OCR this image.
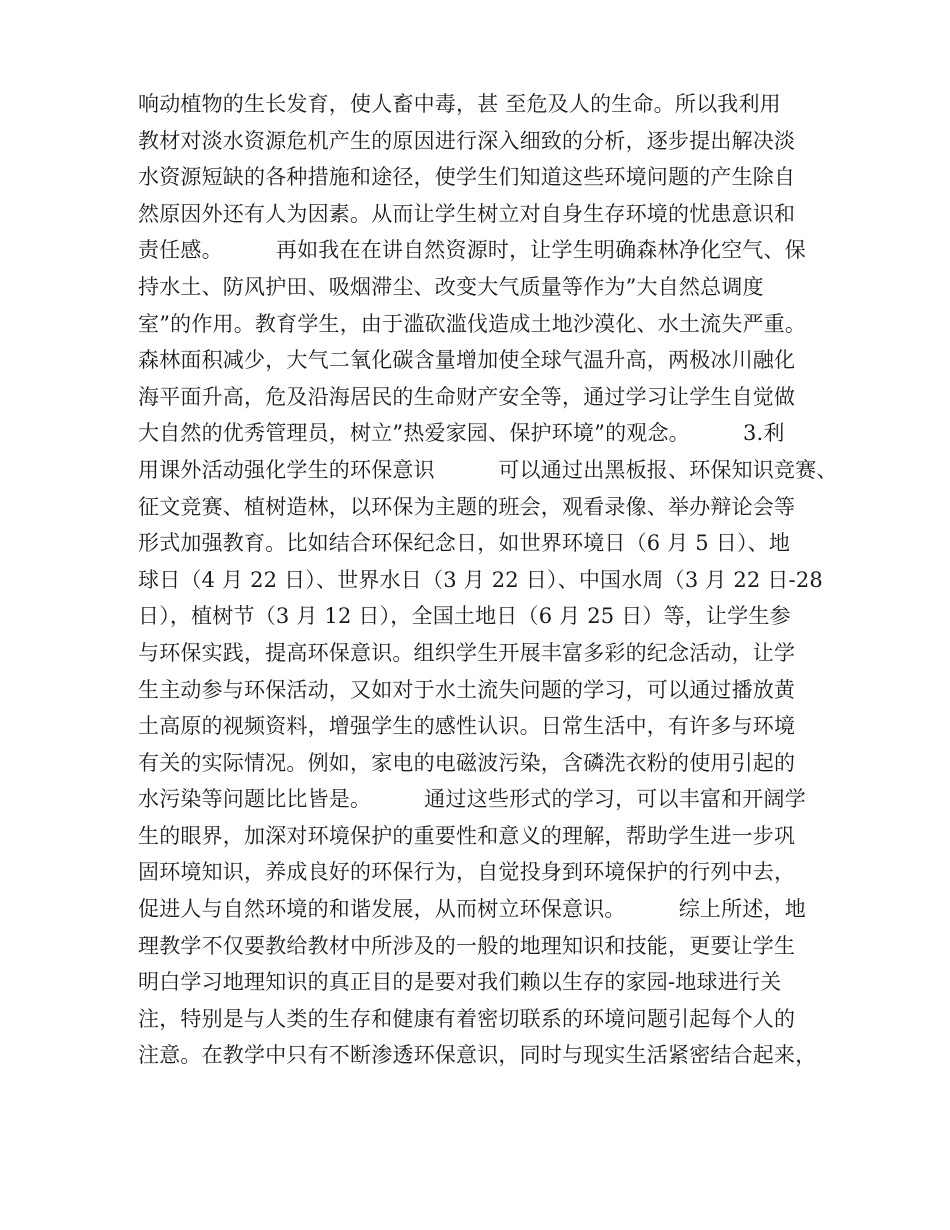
响动植物的生长发育，使人畜中毒，甚 至危及人的生命。所以我利用
教材对淡水资源危机产生的原因进行深入细致的分析，逐步提出解决淡
水资源短缺的各种措施和途径，使学生们知道这些环境问题的产生除自
然原因外还有人为因素。从而让学生树立对自身生存环境的忧患意识和
责任感。　　　再如我在在讲自然资源时，让学生明确森林净化空气、保
持水土、防风护田、吸烟滞尘、改变大气质量等作为”大自然总调度
室”的作用。教育学生，由于滥砍滥伐造成土地沙漠化、水土流失严重。
森林面积减少，大气二氧化碳含量增加使全球气温升高，两极冰川融化
海平面升高，危及沿海居民的生命财产安全等，通过学习让学生自觉做
大自然的优秀管理员，树立”热爱家园、保护环境”的观念。　　　3.利
用课外活动强化学生的环保意识　　　可以通过出黑板报、环保知识竞赛、
征文竞赛、植树造林，以环保为主题的班会，观看录像、举办辩论会等
形式加强教育。比如结合环保纪念日，如世界环境日（6 月 5 日）、地
球日（4 月 22 日）、世界水日（3 月 22 日）、中国水周（3 月 22 日-28
日），植树节（3 月 12 日），全国土地日（6 月 25 日）等，让学生参
与环保实践，提高环保意识。组织学生开展丰富多彩的纪念活动，让学
生主动参与环保活动，又如对于水土流失问题的学习，可以通过播放黄
土高原的视频资料，增强学生的感性认识。日常生活中，有许多与环境
有关的实际情况。例如，家电的电磁波污染，含磷洗衣粉的使用引起的
水污染等问题比比皆是。　　　通过这些形式的学习，可以丰富和开阔学
生的眼界，加深对环境保护的重要性和意义的理解，帮助学生进一步巩
固环境知识，养成良好的环保行为，自觉投身到环境保护的行列中去，
促进人与自然环境的和谐发展，从而树立环保意识。　　　综上所述，地
理教学不仅要教给教材中所涉及的一般的地理知识和技能，更要让学生
明白学习地理知识的真正目的是要对我们赖以生存的家园-地球进行关
注，特别是与人类的生存和健康有着密切联系的环境问题引起每个人的
注意。在教学中只有不断渗透环保意识，同时与现实生活紧密结合起来，
